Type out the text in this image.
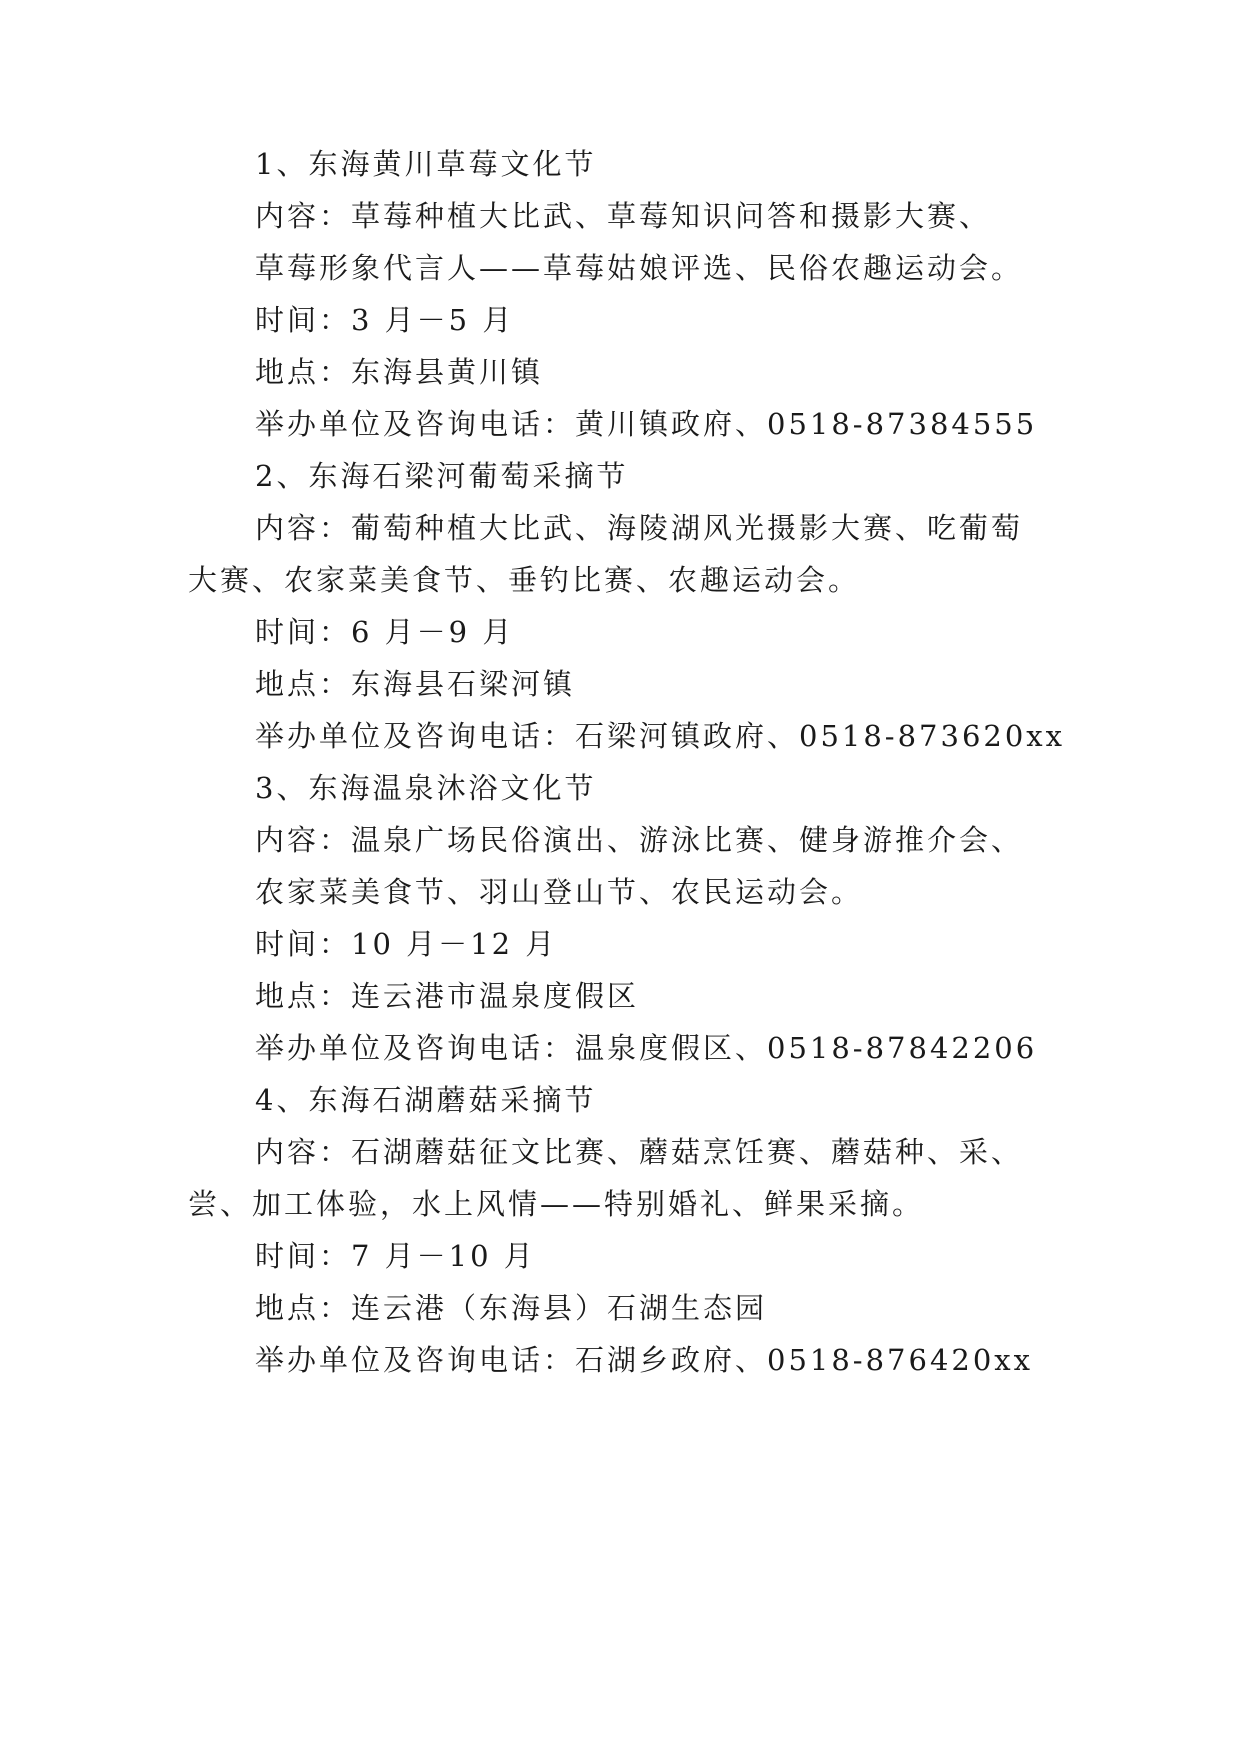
1、东海黄川草莓文化节
内容：草莓种植大比武、草莓知识问答和摄影大赛、
草莓形象代言人——草莓姑娘评选、民俗农趣运动会。
时间：3 月－5 月
地点：东海县黄川镇
举办单位及咨询电话：黄川镇政府、0518-87384555
2、东海石梁河葡萄采摘节
内容：葡萄种植大比武、海陵湖风光摄影大赛、吃葡萄
大赛、农家菜美食节、垂钓比赛、农趣运动会。
时间：6 月－9 月
地点：东海县石梁河镇
举办单位及咨询电话：石梁河镇政府、0518-873620xx
3、东海温泉沐浴文化节
内容：温泉广场民俗演出、游泳比赛、健身游推介会、
农家菜美食节、羽山登山节、农民运动会。
时间：10 月－12 月
地点：连云港市温泉度假区
举办单位及咨询电话：温泉度假区、0518-87842206
4、东海石湖蘑菇采摘节
内容：石湖蘑菇征文比赛、蘑菇烹饪赛、蘑菇种、采、
尝、加工体验，水上风情——特别婚礼、鲜果采摘。
时间：7 月－10 月
地点：连云港（东海县）石湖生态园
举办单位及咨询电话：石湖乡政府、0518-876420xx
